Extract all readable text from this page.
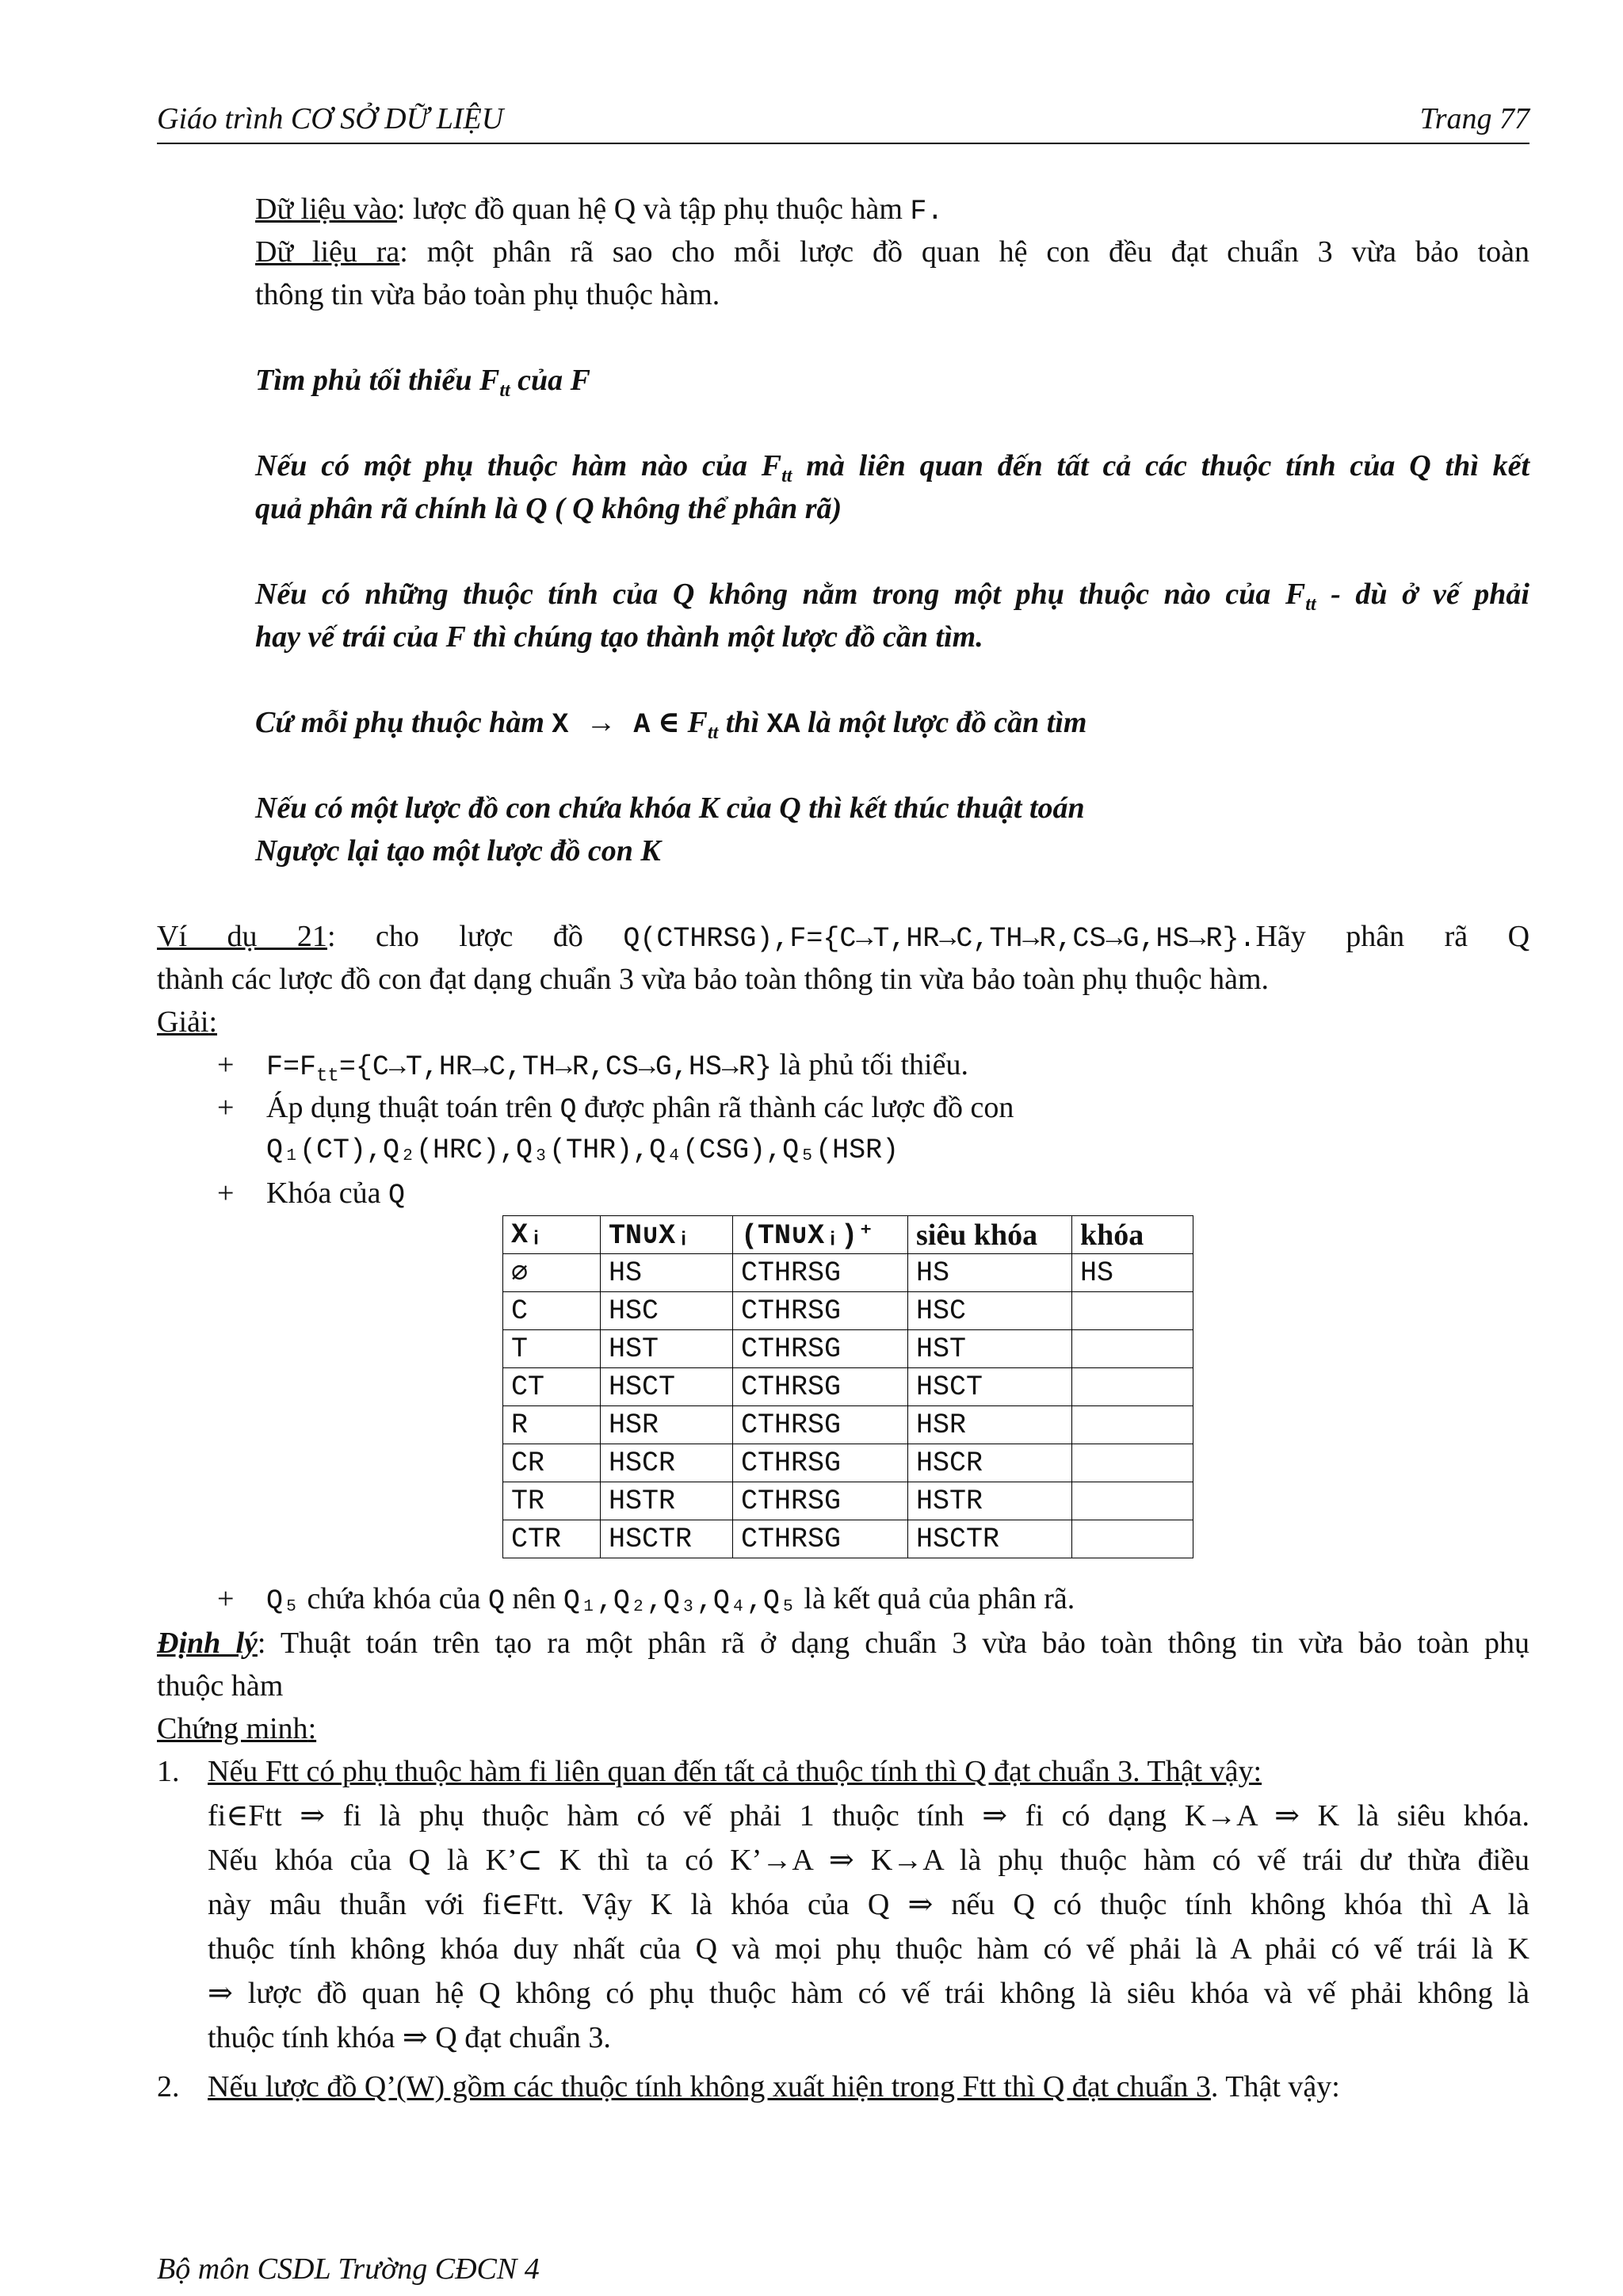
Giáo trình CƠ SỞ DỮ LIỆU	Trang 77
Dữ liệu vào: lược đồ quan hệ Q và tập phụ thuộc hàm F.
Dữ liệu ra: một phân rã sao cho mỗi lược đồ quan hệ con đều đạt chuẩn 3 vừa bảo toàn
thông tin vừa bảo toàn phụ thuộc hàm.
Tìm phủ tối thiểu $F_{tt}$ của F
Nếu có một phụ thuộc hàm nào của $F_{tt}$ mà liên quan đến tất cả các thuộc tính của Q thì kết
quả phân rã chính là Q ( Q không thể phân rã)
Nếu có những thuộc tính của Q không nằm trong một phụ thuộc nào của $F_{tt}$ - dù ở vế phải
hay vế trái của F thì chúng tạo thành một lược đồ cần tìm.
Cứ mỗi phụ thuộc hàm X → A ∈ $F_{tt}$ thì XA là một lược đồ cần tìm
Nếu có một lược đồ con chứa khóa K của Q thì kết thúc thuật toán
Ngược lại tạo một lược đồ con K
Ví dụ 21: cho lược đồ Q(CTHRSG),F={C→T,HR→C,TH→R,CS→G,HS→R}.Hãy phân rã Q
thành các lược đồ con đạt dạng chuẩn 3 vừa bảo toàn thông tin vừa bảo toàn phụ thuộc hàm.
Giải:
+ $F=F_{tt}=\{C\to T,HR\to C,TH\to R,CS\to G,HS\to R\}$ là phủ tối thiểu.
+ Áp dụng thuật toán trên Q được phân rã thành các lược đồ con
Q₁(CT),Q₂(HRC),Q₃(THR),Q₄(CSG),Q₅(HSR)
+ Khóa của Q
Xᵢ	TN∪Xᵢ	(TN∪Xᵢ)⁺	siêu khóa	khóa
∅	HS	CTHRSG	HS	HS
C	HSC	CTHRSG	HSC	
T	HST	CTHRSG	HST	
CT	HSCT	CTHRSG	HSCT	
R	HSR	CTHRSG	HSR	
CR	HSCR	CTHRSG	HSCR	
TR	HSTR	CTHRSG	HSTR	
CTR	HSCTR	CTHRSG	HSCTR	
+ Q₅ chứa khóa của Q nên Q₁,Q₂,Q₃,Q₄,Q₅ là kết quả của phân rã.
Định lý: Thuật toán trên tạo ra một phân rã ở dạng chuẩn 3 vừa bảo toàn thông tin vừa bảo toàn phụ
thuộc hàm
Chứng minh:
1. Nếu Ftt có phụ thuộc hàm fi liên quan đến tất cả thuộc tính thì Q đạt chuẩn 3. Thật vậy:
fi∈Ftt ⇒ fi là phụ thuộc hàm có vế phải 1 thuộc tính ⇒ fi có dạng K→A ⇒ K là siêu khóa.
Nếu khóa của Q là K’⊂ K thì ta có K’→A ⇒ K→A là phụ thuộc hàm có vế trái dư thừa điều
này mâu thuẫn với fi∈Ftt. Vậy K là khóa của Q ⇒ nếu Q có thuộc tính không khóa thì A là
thuộc tính không khóa duy nhất của Q và mọi phụ thuộc hàm có vế phải là A phải có vế trái là K
⇒ lược đồ quan hệ Q không có phụ thuộc hàm có vế trái không là siêu khóa và vế phải không là
thuộc tính khóa ⇒ Q đạt chuẩn 3.
2. Nếu lược đồ Q’(W) gồm các thuộc tính không xuất hiện trong Ftt thì Q đạt chuẩn 3. Thật vậy:
Bộ môn CSDL Trường CĐCN 4
